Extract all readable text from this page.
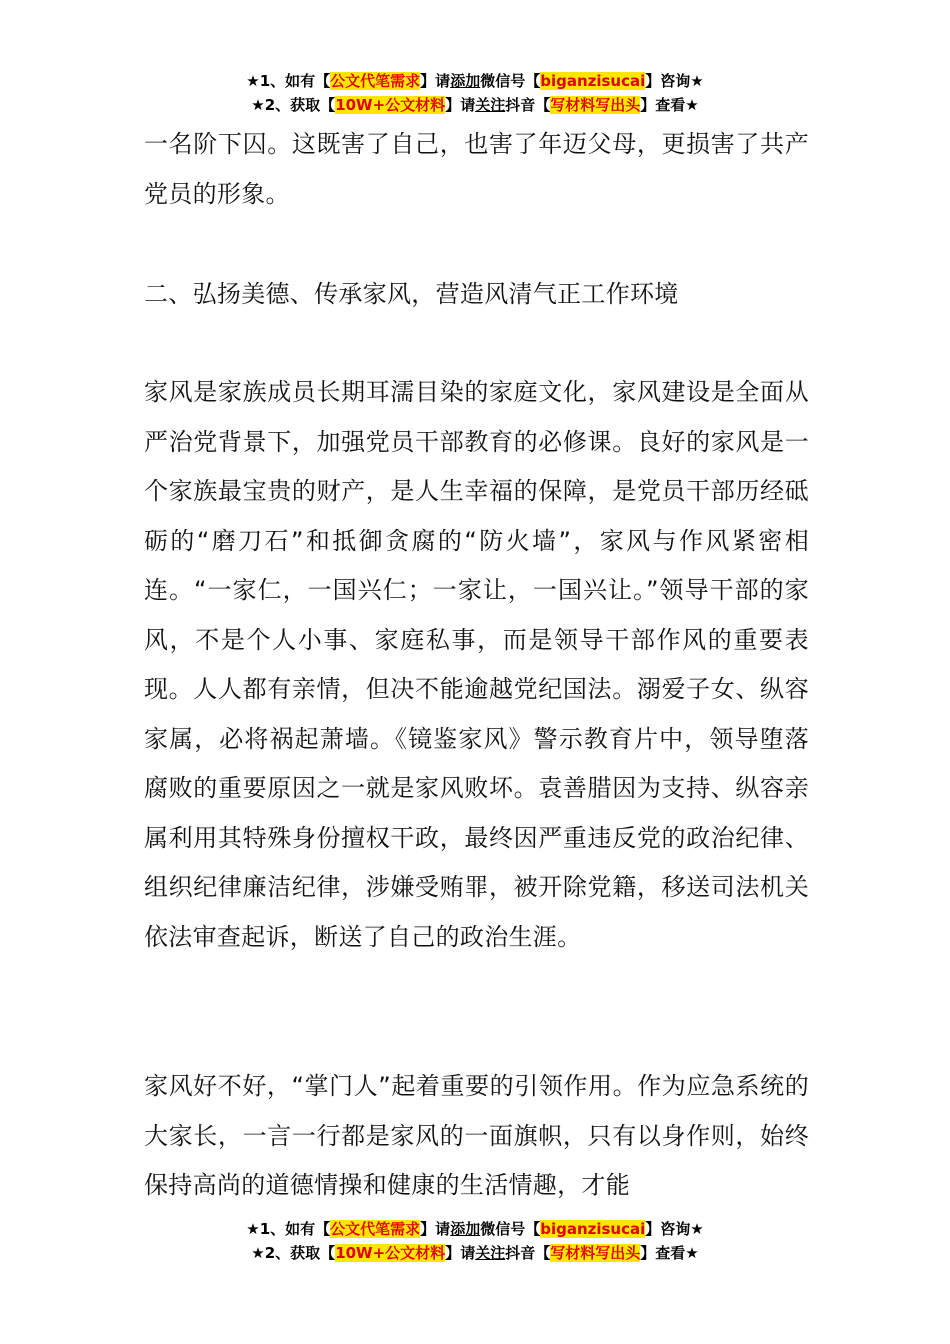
★1、如有【公文代笔需求】请添加微信号【biganzisucai】咨询★
★2、获取【10W+公文材料】请关注抖音【写材料写出头】查看★

一名阶下囚。这既害了自己，也害了年迈父母，更损害了共产党员的形象。

二、弘扬美德、传承家风，营造风清气正工作环境

家风是家族成员长期耳濡目染的家庭文化，家风建设是全面从严治党背景下，加强党员干部教育的必修课。良好的家风是一个家族最宝贵的财产，是人生幸福的保障，是党员干部历经砥砺的“磨刀石”和抵御贪腐的“防火墙”，家风与作风紧密相连。“一家仁，一国兴仁；一家让，一国兴让。”领导干部的家风，不是个人小事、家庭私事，而是领导干部作风的重要表现。人人都有亲情，但决不能逾越党纪国法。溺爱子女、纵容家属，必将祸起萧墙。《镜鉴家风》警示教育片中，领导堕落腐败的重要原因之一就是家风败坏。袁善腊因为支持、纵容亲属利用其特殊身份擅权干政，最终因严重违反党的政治纪律、组织纪律廉洁纪律，涉嫌受贿罪，被开除党籍，移送司法机关依法审查起诉，断送了自己的政治生涯。

家风好不好，“掌门人”起着重要的引领作用。作为应急系统的大家长，一言一行都是家风的一面旗帜，只有以身作则，始终保持高尚的道德情操和健康的生活情趣，才能

★1、如有【公文代笔需求】请添加微信号【biganzisucai】咨询★
★2、获取【10W+公文材料】请关注抖音【写材料写出头】查看★
